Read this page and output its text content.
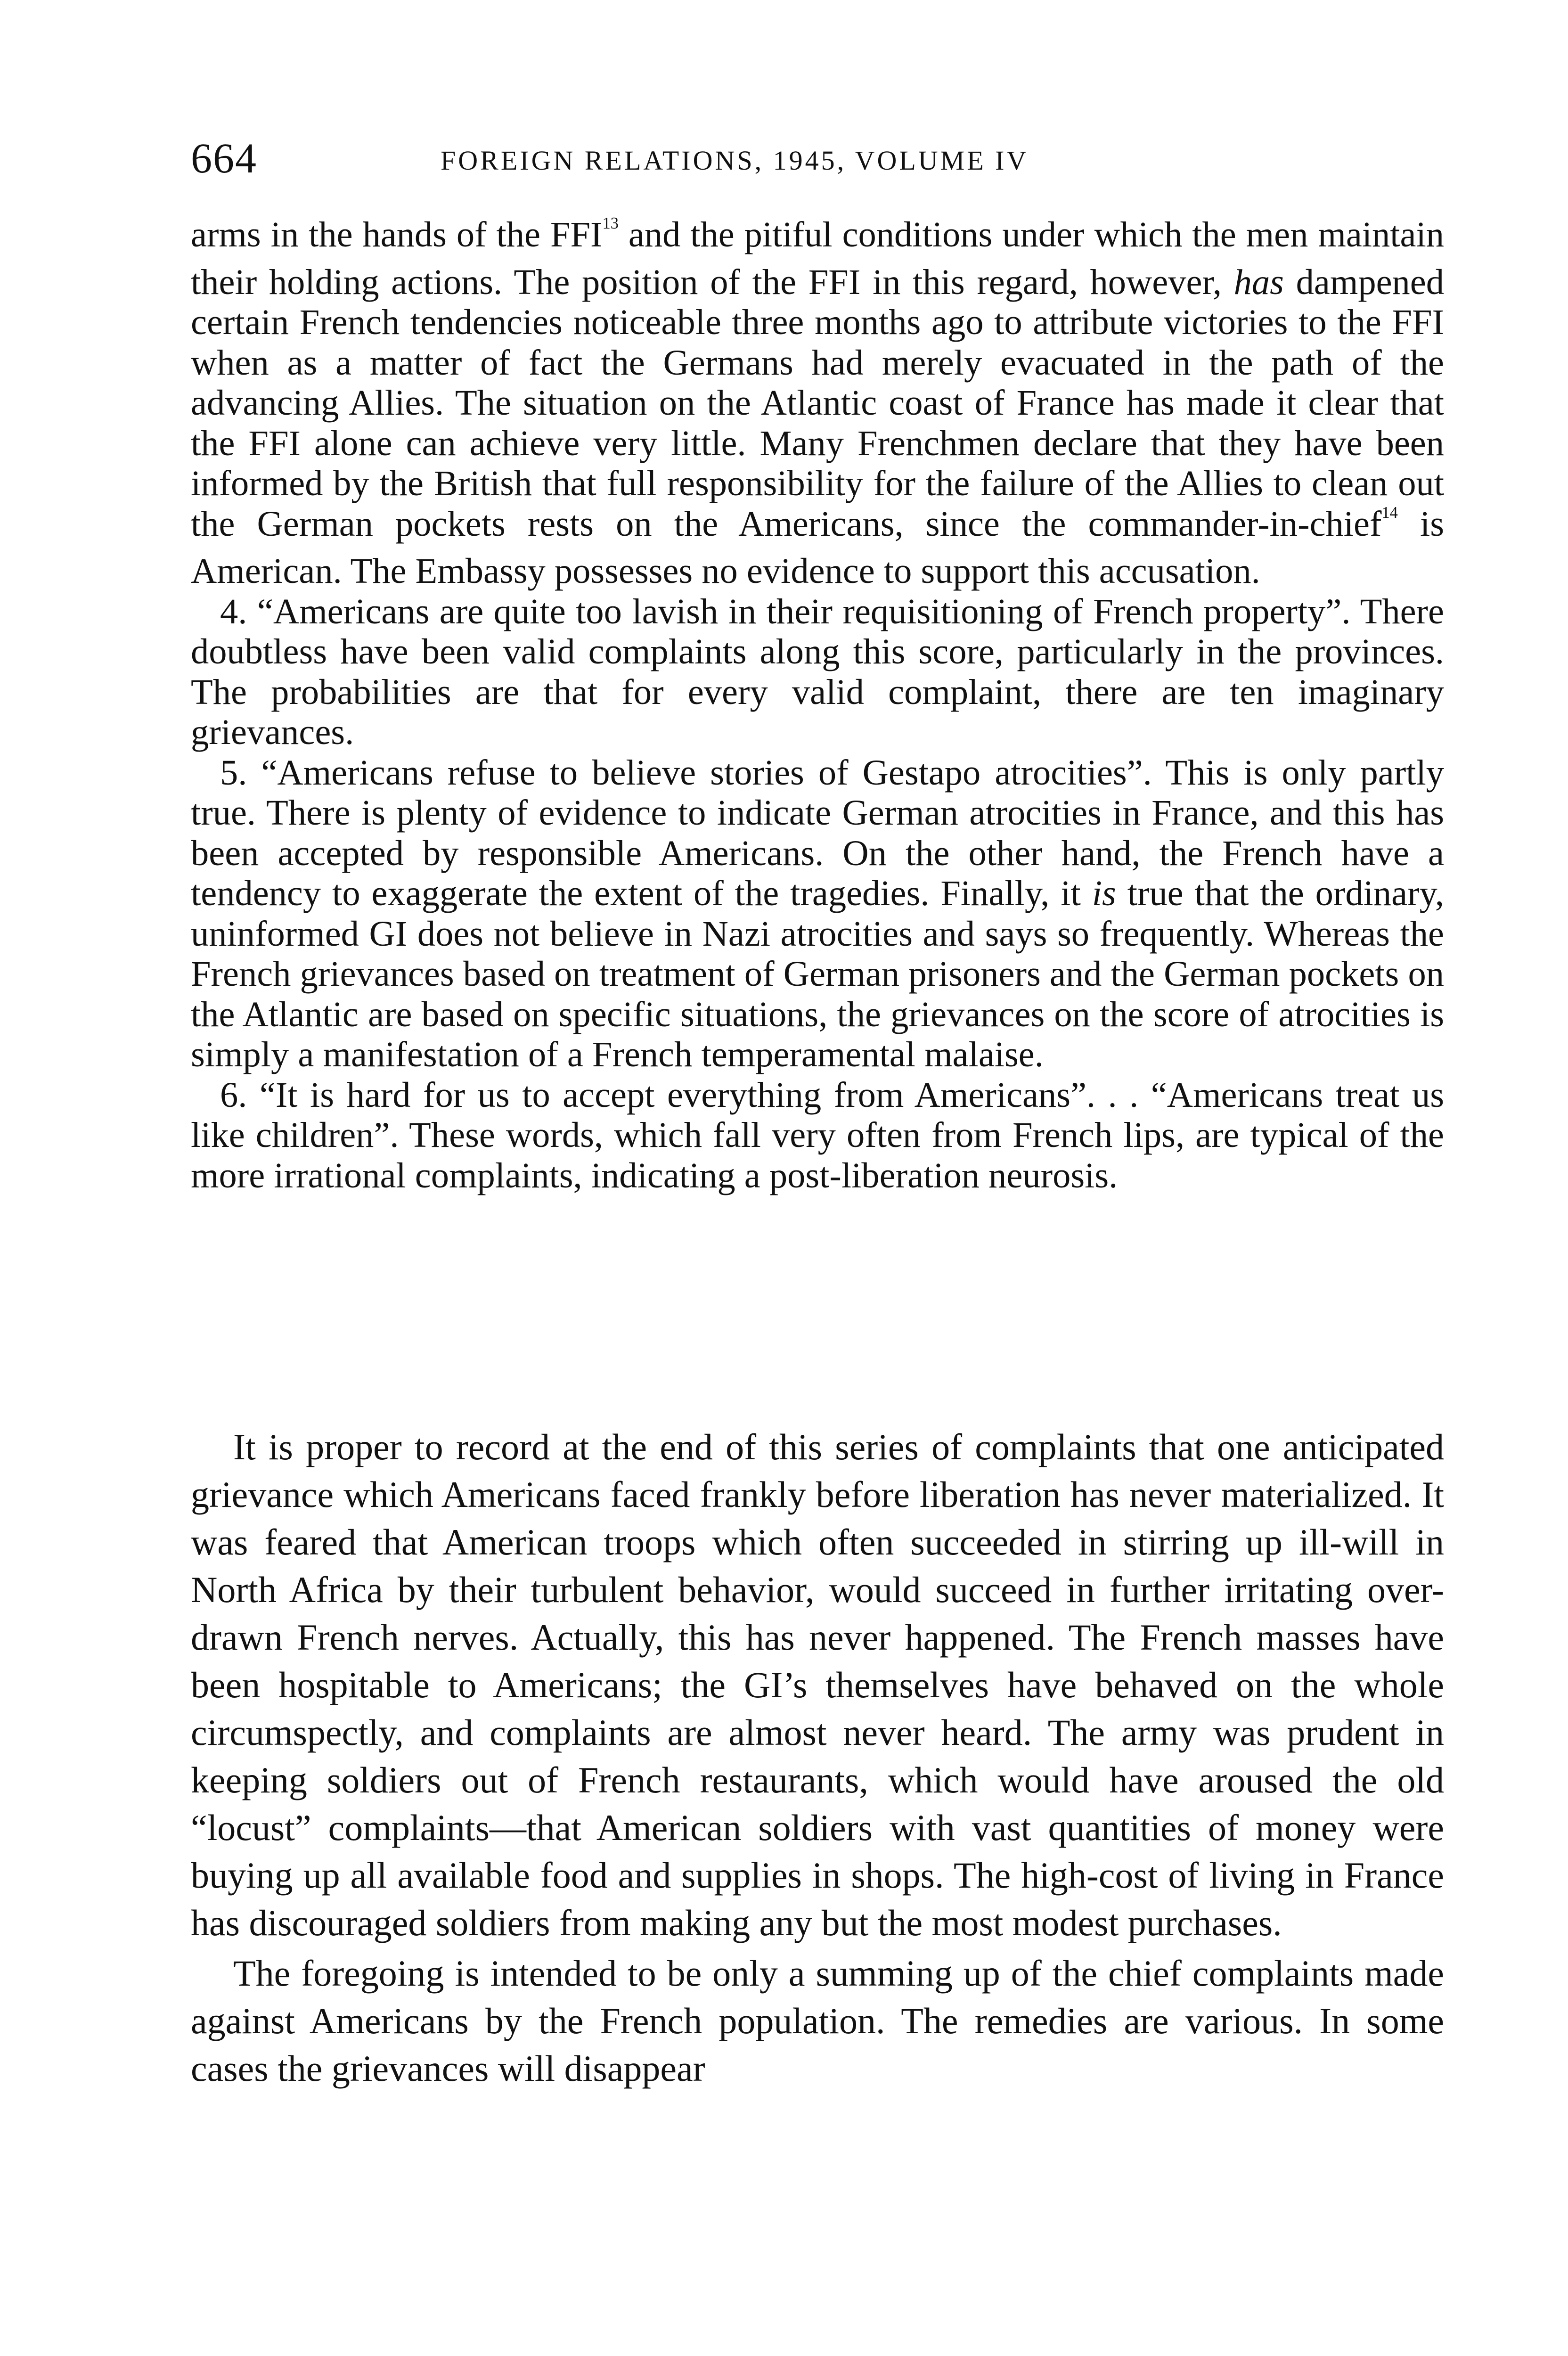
664	FOREIGN RELATIONS, 1945, VOLUME IV

arms in the hands of the FFI$^{13}$ and the pitiful conditions under which the men maintain their holding actions. The position of the FFI in this regard, however, has dampened certain French tendencies noticeable three months ago to attribute victories to the FFI when as a matter of fact the Germans had merely evacuated in the path of the advancing Allies. The situation on the Atlantic coast of France has made it clear that the FFI alone can achieve very little. Many Frenchmen declare that they have been informed by the British that full responsibility for the failure of the Allies to clean out the German pockets rests on the Americans, since the commander-in-chief$^{14}$ is American. The Embassy possesses no evidence to support this accusation.

4. “Americans are quite too lavish in their requisitioning of French property”. There doubtless have been valid complaints along this score, particularly in the provinces. The probabilities are that for every valid complaint, there are ten imaginary grievances.

5. “Americans refuse to believe stories of Gestapo atrocities”. This is only partly true. There is plenty of evidence to indicate German atrocities in France, and this has been accepted by responsible Americans. On the other hand, the French have a tendency to exaggerate the extent of the tragedies. Finally, it is true that the ordinary, uninformed GI does not believe in Nazi atrocities and says so frequently. Whereas the French grievances based on treatment of German prisoners and the German pockets on the Atlantic are based on specific situations, the grievances on the score of atrocities is simply a manifestation of a French temperamental malaise.

6. “It is hard for us to accept everything from Americans”. . . “Americans treat us like children”. These words, which fall very often from French lips, are typical of the more irrational complaints, indicating a post-liberation neurosis.

It is proper to record at the end of this series of complaints that one anticipated grievance which Americans faced frankly before liberation has never materialized. It was feared that American troops which often succeeded in stirring up ill-will in North Africa by their turbulent behavior, would succeed in further irritating over-drawn French nerves. Actually, this has never happened. The French masses have been hospitable to Americans; the GI’s themselves have behaved on the whole circumspectly, and complaints are almost never heard. The army was prudent in keeping soldiers out of French restaurants, which would have aroused the old “locust” complaints—that American soldiers with vast quantities of money were buying up all available food and supplies in shops. The high-cost of living in France has discouraged soldiers from making any but the most modest purchases.

The foregoing is intended to be only a summing up of the chief complaints made against Americans by the French population. The remedies are various. In some cases the grievances will disappear
